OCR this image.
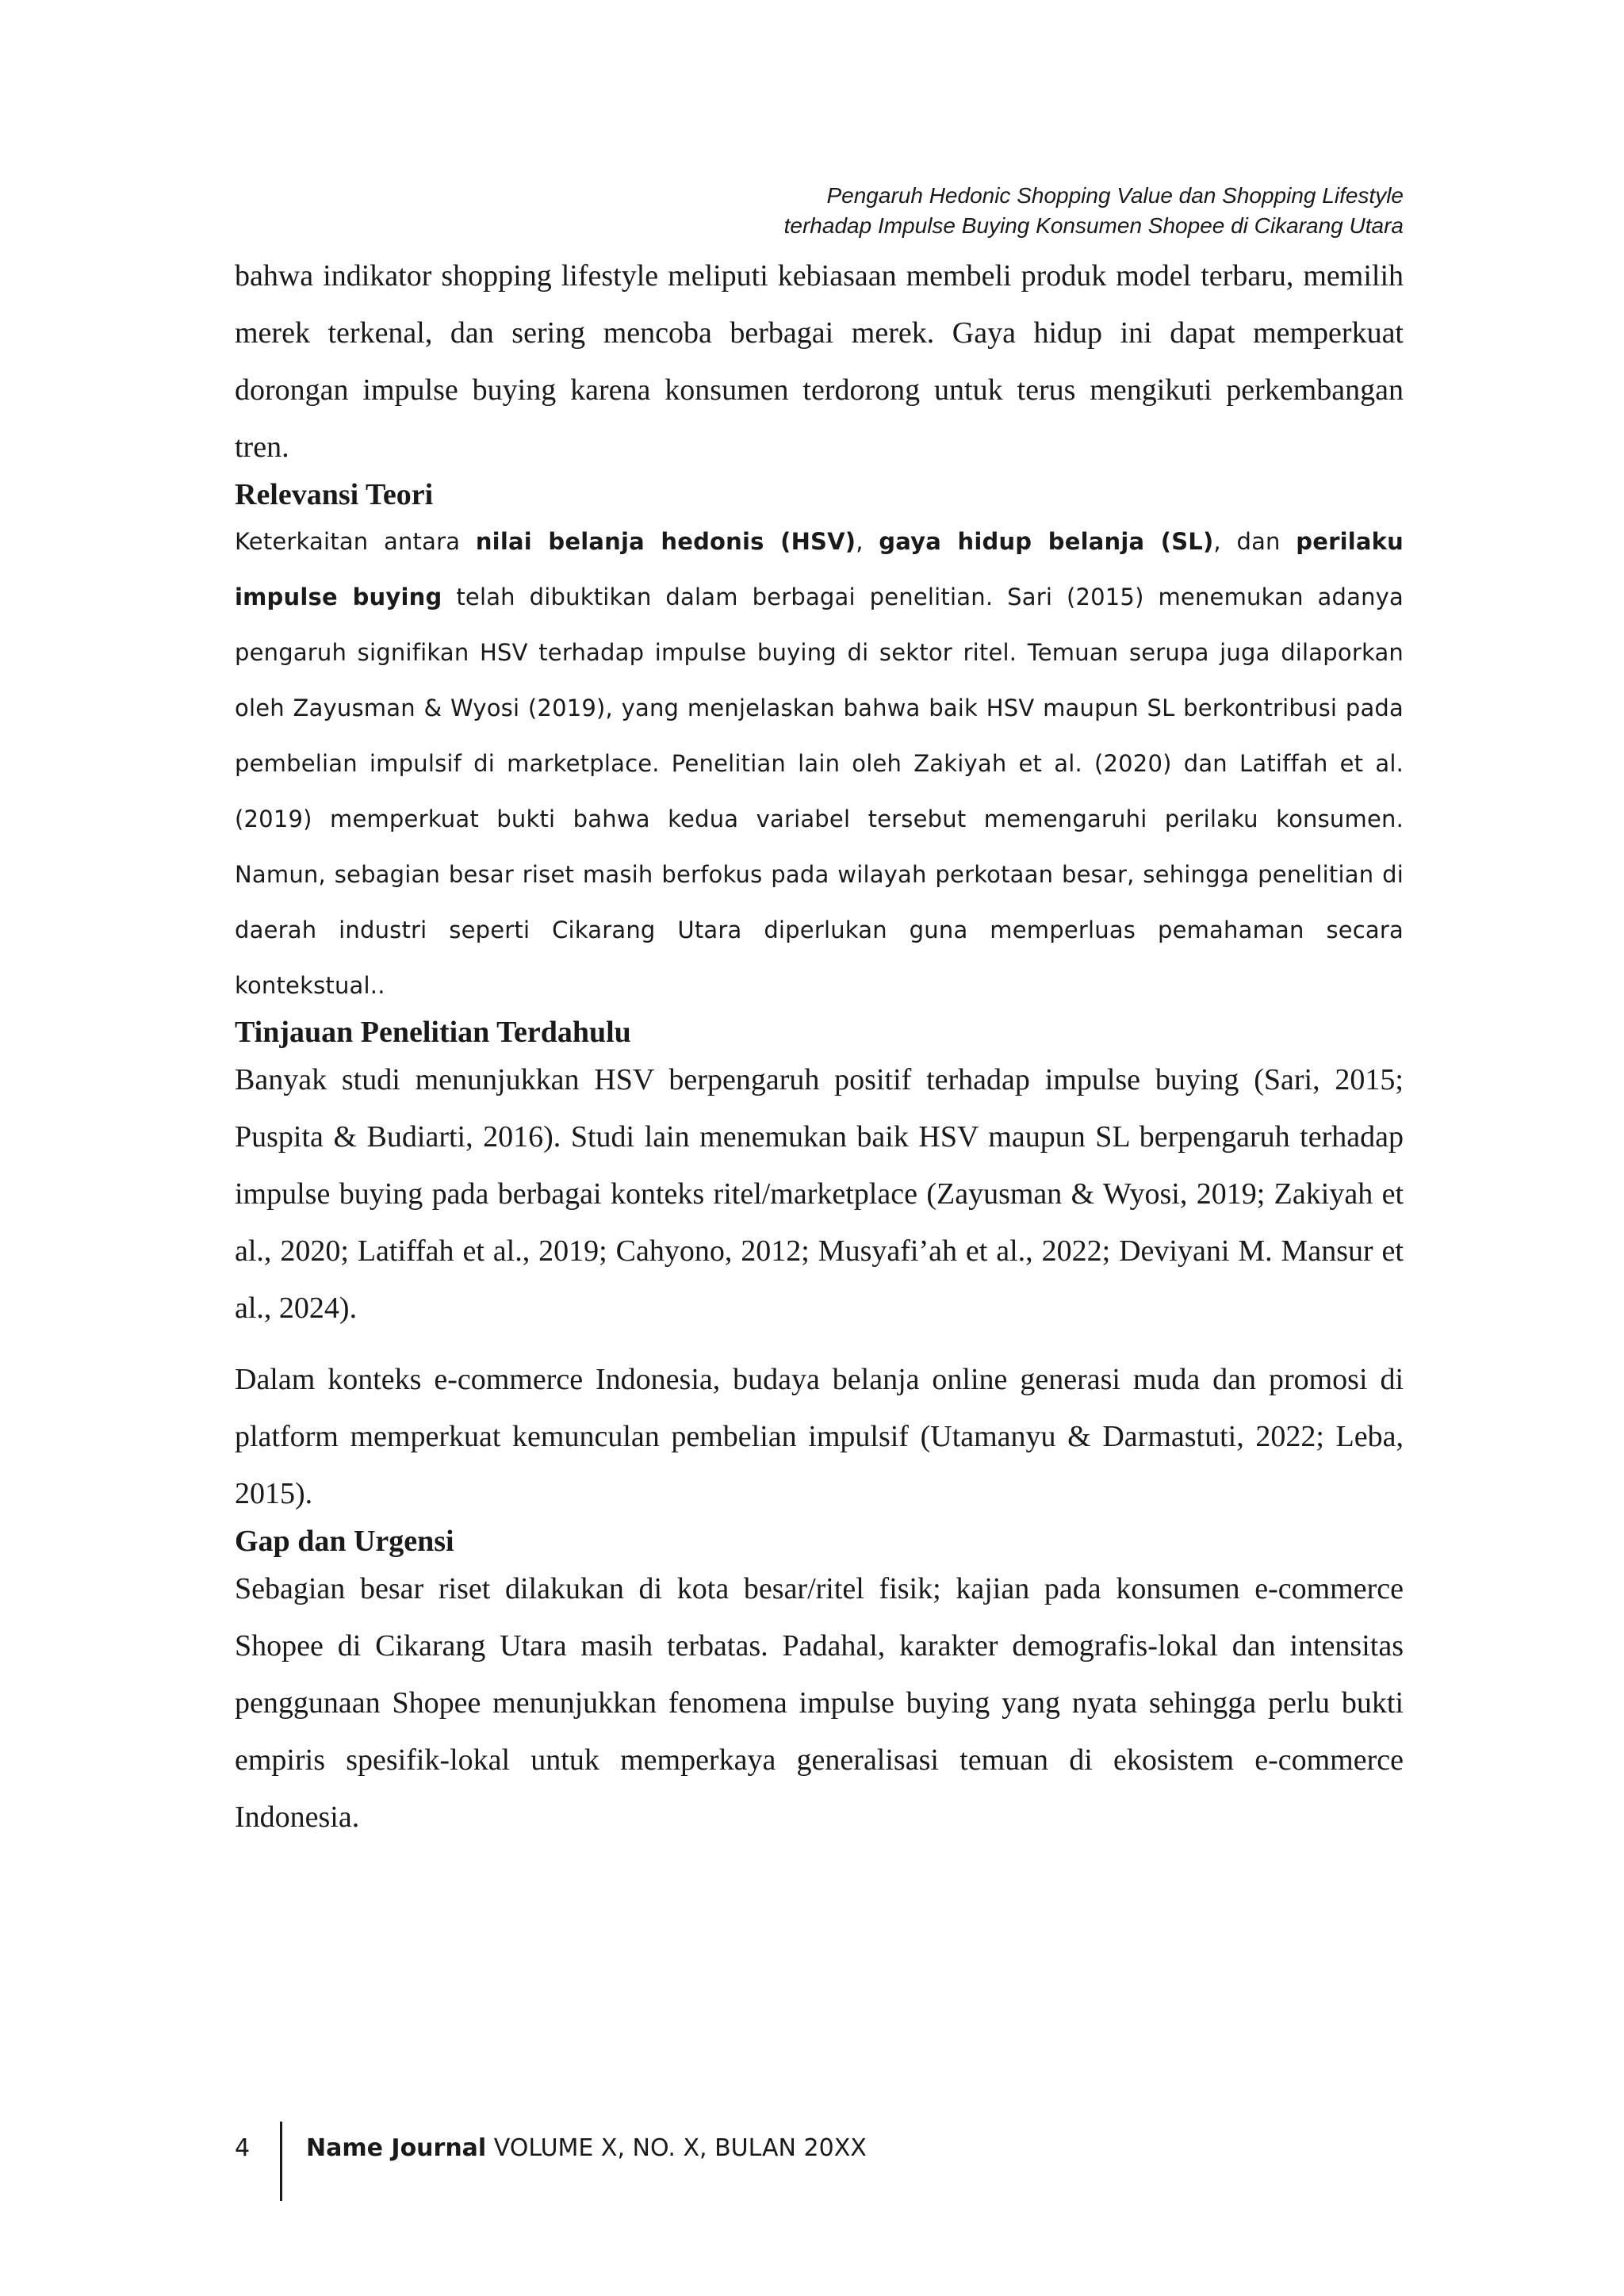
Pengaruh Hedonic Shopping Value dan Shopping Lifestyle
terhadap Impulse Buying Konsumen Shopee di Cikarang Utara

bahwa indikator shopping lifestyle meliputi kebiasaan membeli produk model terbaru, memilih merek terkenal, dan sering mencoba berbagai merek. Gaya hidup ini dapat memperkuat dorongan impulse buying karena konsumen terdorong untuk terus mengikuti perkembangan tren.

Relevansi Teori

Keterkaitan antara nilai belanja hedonis (HSV), gaya hidup belanja (SL), dan perilaku impulse buying telah dibuktikan dalam berbagai penelitian. Sari (2015) menemukan adanya pengaruh signifikan HSV terhadap impulse buying di sektor ritel. Temuan serupa juga dilaporkan oleh Zayusman & Wyosi (2019), yang menjelaskan bahwa baik HSV maupun SL berkontribusi pada pembelian impulsif di marketplace. Penelitian lain oleh Zakiyah et al. (2020) dan Latiffah et al. (2019) memperkuat bukti bahwa kedua variabel tersebut memengaruhi perilaku konsumen. Namun, sebagian besar riset masih berfokus pada wilayah perkotaan besar, sehingga penelitian di daerah industri seperti Cikarang Utara diperlukan guna memperluas pemahaman secara kontekstual..

Tinjauan Penelitian Terdahulu

Banyak studi menunjukkan HSV berpengaruh positif terhadap impulse buying (Sari, 2015; Puspita & Budiarti, 2016). Studi lain menemukan baik HSV maupun SL berpengaruh terhadap impulse buying pada berbagai konteks ritel/marketplace (Zayusman & Wyosi, 2019; Zakiyah et al., 2020; Latiffah et al., 2019; Cahyono, 2012; Musyafi’ah et al., 2022; Deviyani M. Mansur et al., 2024).

Dalam konteks e-commerce Indonesia, budaya belanja online generasi muda dan promosi di platform memperkuat kemunculan pembelian impulsif (Utamanyu & Darmastuti, 2022; Leba, 2015).

Gap dan Urgensi

Sebagian besar riset dilakukan di kota besar/ritel fisik; kajian pada konsumen e-commerce Shopee di Cikarang Utara masih terbatas. Padahal, karakter demografis-lokal dan intensitas penggunaan Shopee menunjukkan fenomena impulse buying yang nyata sehingga perlu bukti empiris spesifik-lokal untuk memperkaya generalisasi temuan di ekosistem e-commerce Indonesia.

4	Name Journal VOLUME X, NO. X, BULAN 20XX
